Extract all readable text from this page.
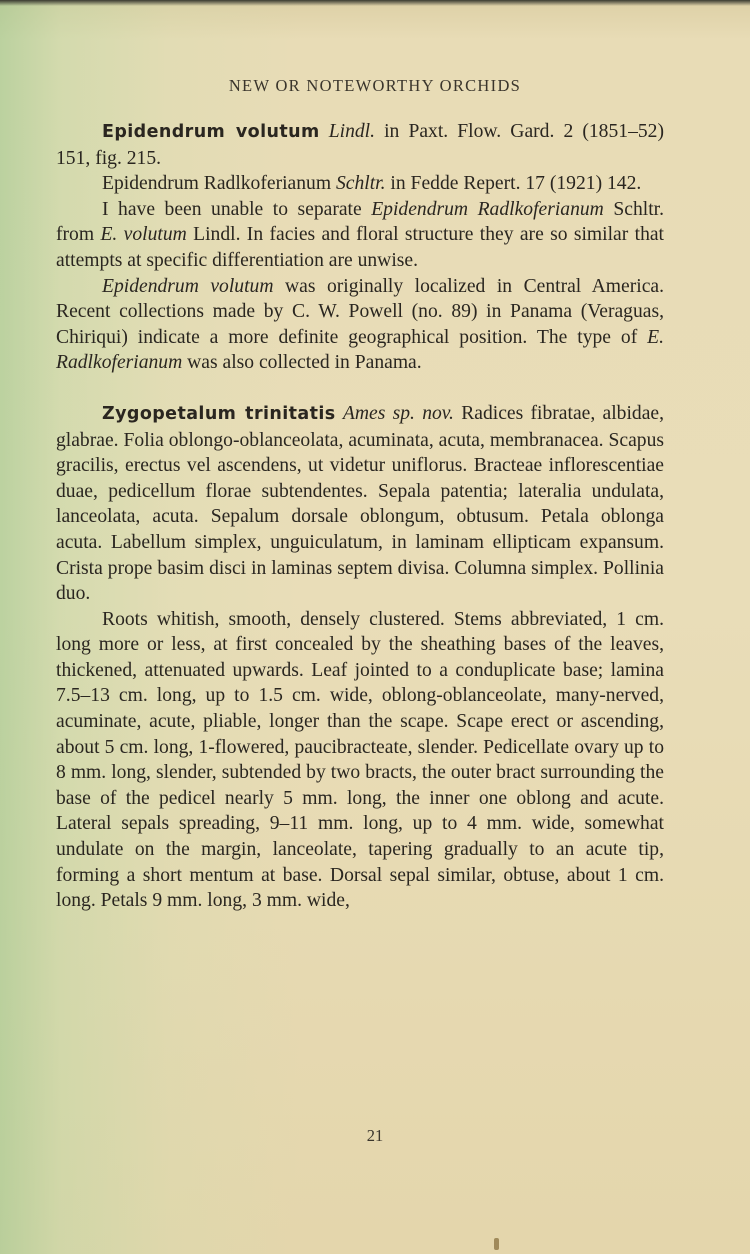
NEW OR NOTEWORTHY ORCHIDS

Epidendrum volutum Lindl. in Paxt. Flow. Gard. 2 (1851–52) 151, fig. 215.

Epidendrum Radlkoferianum Schltr. in Fedde Repert. 17 (1921) 142.

I have been unable to separate Epidendrum Radlkoferianum Schltr. from E. volutum Lindl. In facies and floral structure they are so similar that attempts at specific differentiation are unwise.

Epidendrum volutum was originally localized in Central America. Recent collections made by C. W. Powell (no. 89) in Panama (Veraguas, Chiriqui) indicate a more definite geographical position. The type of E. Radlkoferianum was also collected in Panama.

Zygopetalum trinitatis Ames sp. nov. Radices fibratae, albidae, glabrae. Folia oblongo-oblanceolata, acuminata, acuta, membranacea. Scapus gracilis, erectus vel ascendens, ut videtur uniflorus. Bracteae inflorescentiae duae, pedicellum florae subtendentes. Sepala patentia; lateralia undulata, lanceolata, acuta. Sepalum dorsale oblongum, obtusum. Petala oblonga acuta. Labellum simplex, unguiculatum, in laminam ellipticam expansum. Crista prope basim disci in laminas septem divisa. Columna simplex. Pollinia duo.

Roots whitish, smooth, densely clustered. Stems abbreviated, 1 cm. long more or less, at first concealed by the sheathing bases of the leaves, thickened, attenuated upwards. Leaf jointed to a conduplicate base; lamina 7.5–13 cm. long, up to 1.5 cm. wide, oblong-oblanceolate, many-nerved, acuminate, acute, pliable, longer than the scape. Scape erect or ascending, about 5 cm. long, 1-flowered, paucibracteate, slender. Pedicellate ovary up to 8 mm. long, slender, subtended by two bracts, the outer bract surrounding the base of the pedicel nearly 5 mm. long, the inner one oblong and acute. Lateral sepals spreading, 9–11 mm. long, up to 4 mm. wide, somewhat undulate on the margin, lanceolate, tapering gradually to an acute tip, forming a short mentum at base. Dorsal sepal similar, obtuse, about 1 cm. long. Petals 9 mm. long, 3 mm. wide,

21
